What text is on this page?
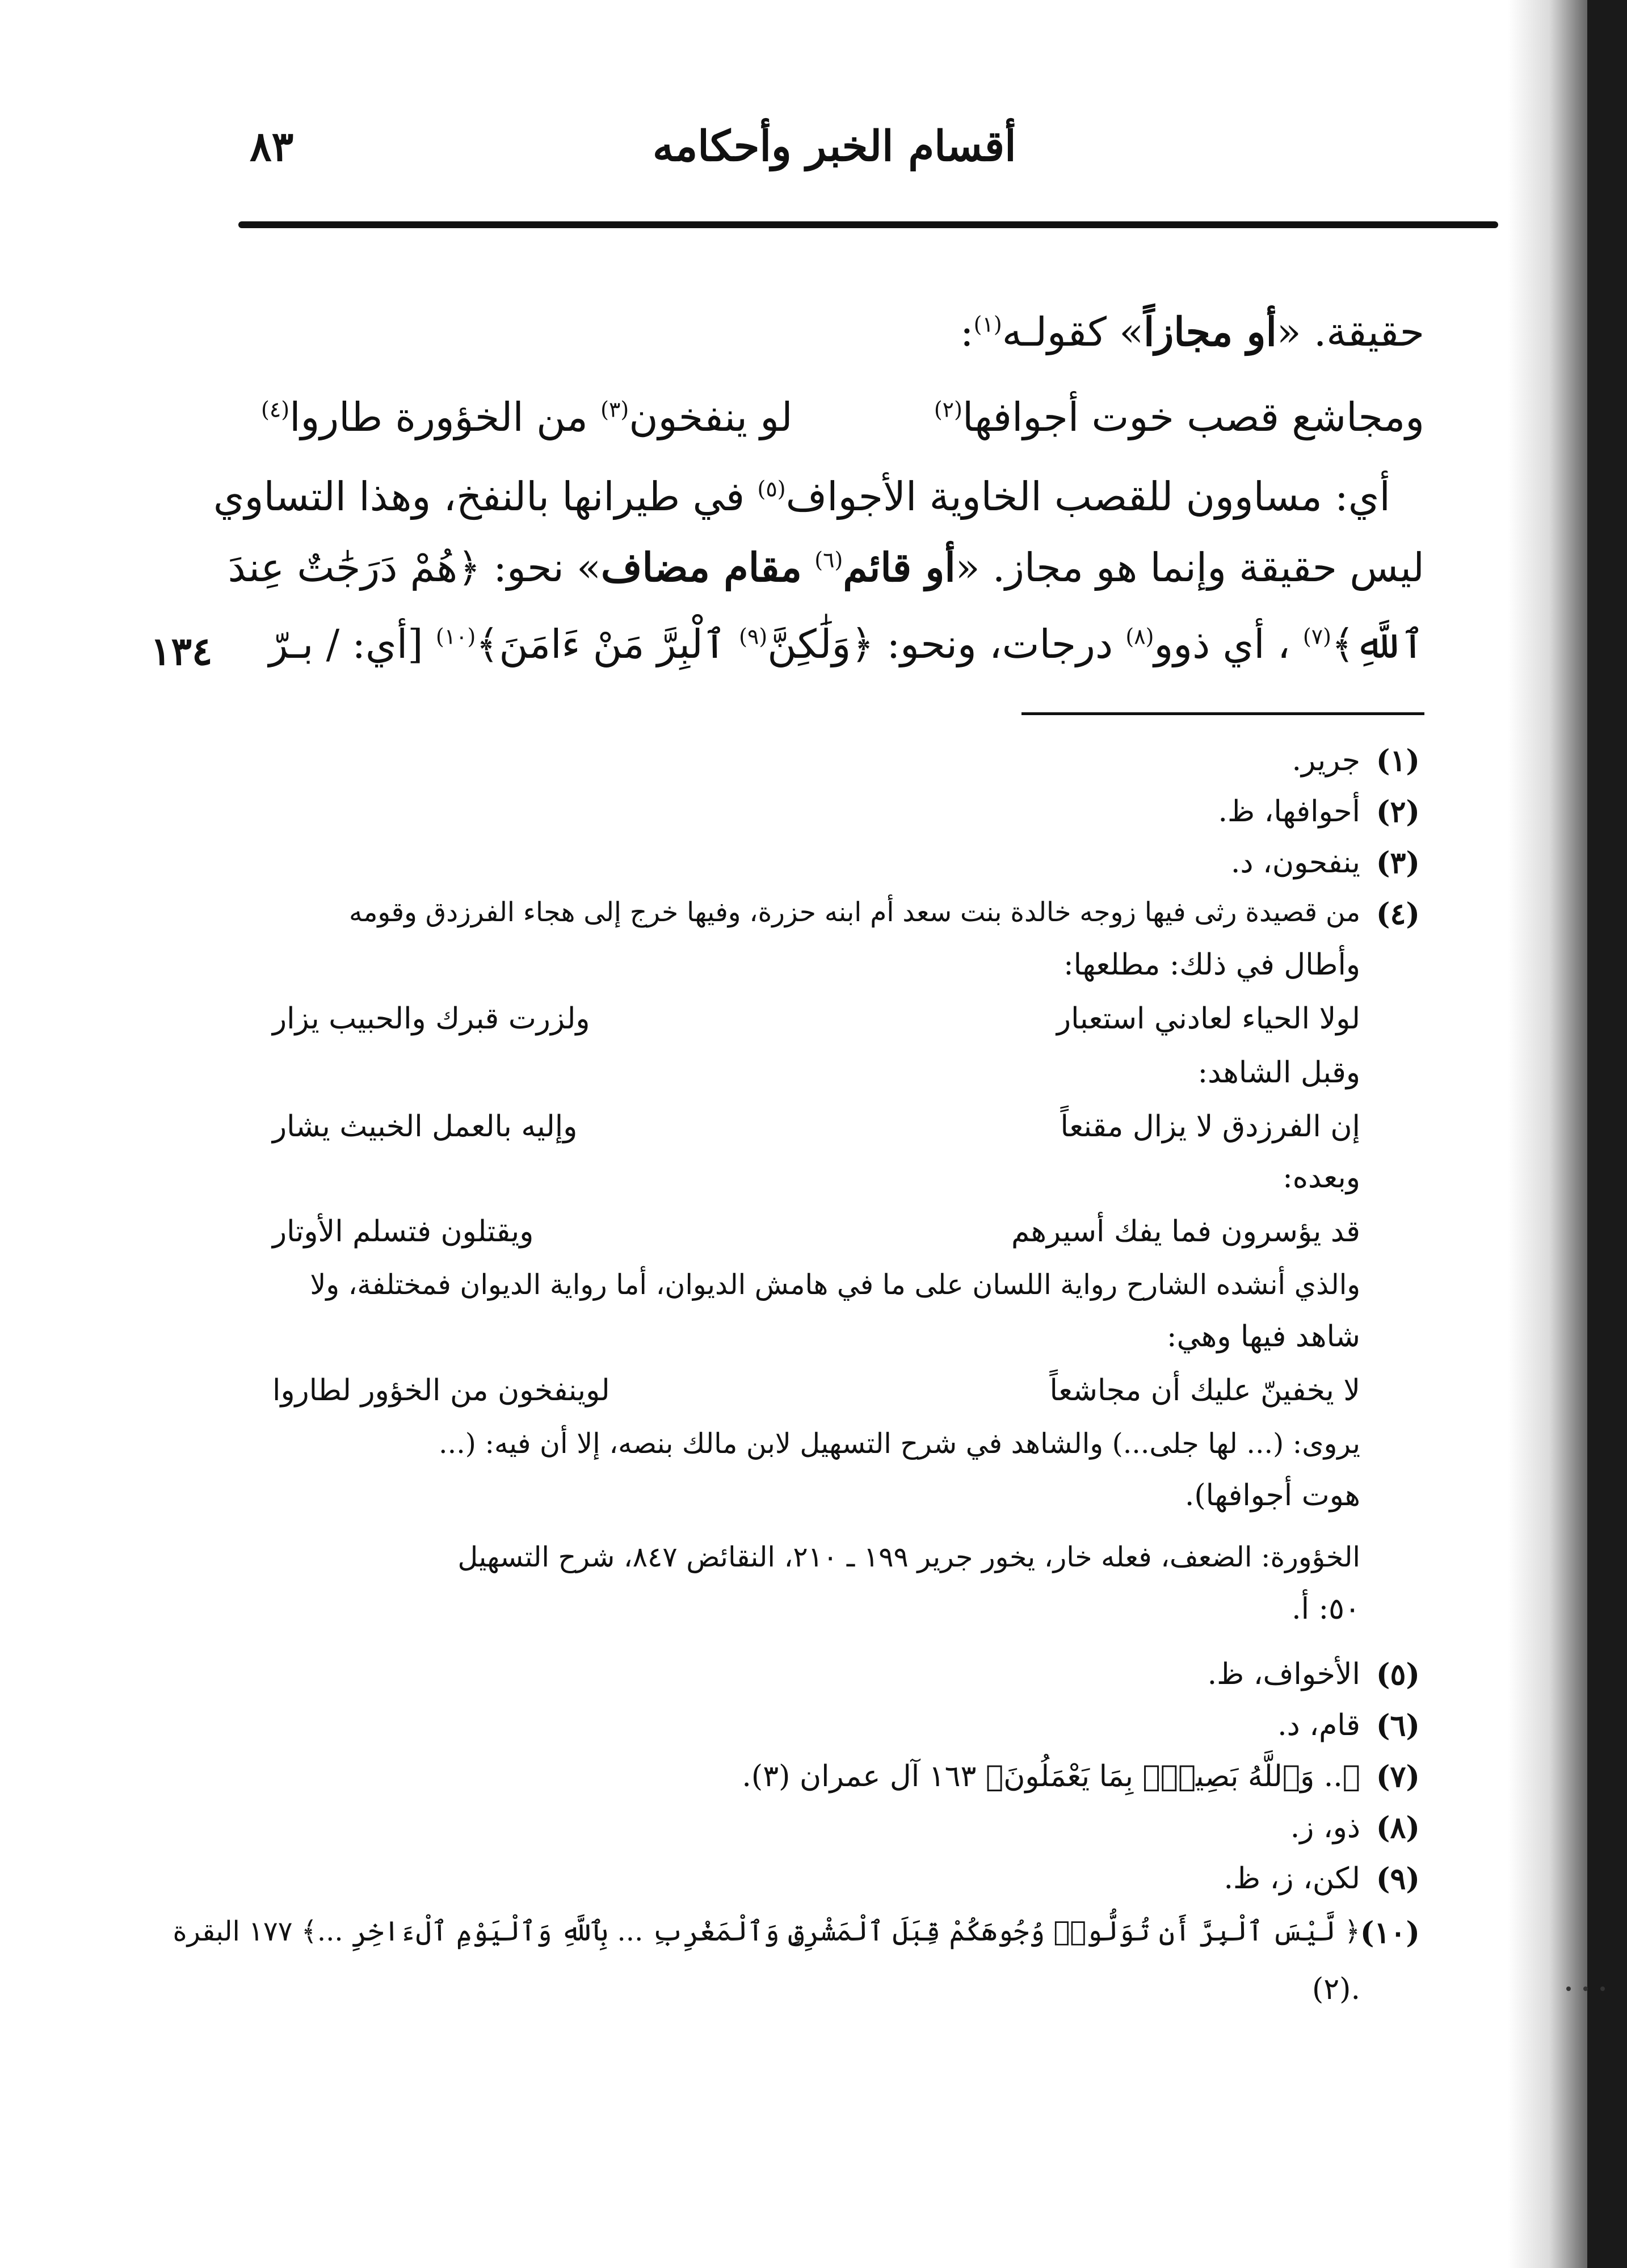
٨٣	أقسام الخبر وأحكامه
١٣٤
حقيقة. «أو مجازاً» كقولـه$^{(١)}$:
ومجاشع قصب خوت أجوافها$^{(٢)}$
لو ينفخون$^{(٣)}$ من الخؤورة طاروا$^{(٤)}$
أي: مساوون للقصب الخاوية الأجواف$^{(٥)}$ في طيرانها بالنفخ، وهذا التساوي
ليس حقيقة وإنما هو مجاز. «أو قائم$^{(٦)}$ مقام مضاف» نحو: ﴿هُمْ دَرَجَٰتٌ عِندَ
ٱللَّهِ﴾$^{(٧)}$ ، أي ذوو$^{(٨)}$ درجات، ونحو: ﴿وَلَٰكِنَّ$^{(٩)}$ ٱلْبِرَّ مَنْ ءَامَنَ﴾$^{(١٠)}$ [أي: / بـرّ
(١)
جرير.
(٢)
أحوافها، ظ.
(٣)
ينفحون، د.
(٤)
من قصيدة رثى فيها زوجه خالدة بنت سعد أم ابنه حزرة، وفيها خرج إلى هجاء الفرزدق وقومه
وأطال في ذلك: مطلعها:
لولا الحياء لعادني استعبار
ولزرت قبرك والحبيب يزار
وقبل الشاهد:
إن الفرزدق لا يزال مقنعاً
وإليه بالعمل الخبيث يشار
وبعده:
قد يؤسرون فما يفك أسيرهم
ويقتلون فتسلم الأوتار
والذي أنشده الشارح رواية اللسان على ما في هامش الديوان، أما رواية الديوان فمختلفة، ولا
شاهد فيها وهي:
لا يخفينّ عليك أن مجاشعاً
لوينفخون من الخؤور لطاروا
يروى: (... لها جلى...) والشاهد في شرح التسهيل لابن مالك بنصه، إلا أن فيه: (...
هوت أجوافها).
الخؤورة: الضعف، فعله خار، يخور جرير ١٩٩ ـ ٢١٠، النقائض ٨٤٧، شرح التسهيل
٥٠: أ.
(٥)
الأخواف، ظ.
(٦)
قام، د.
(٧)
﴿.. وَٱللَّهُ بَصِيرٌۢ بِمَا يَعْمَلُونَ﴾ ١٦٣ آل عمران (٣).
(٨)
ذو، ز.
(٩)
لكن، ز، ظ.
(١٠)
﴿ لَّيْسَ ٱلْبِرَّ أَن تُوَلُّوا۟ وُجُوهَكُمْ قِبَلَ ٱلْمَشْرِقِ وَٱلْمَغْرِبِ ... بِٱللَّهِ وَٱلْيَوْمِ ٱلْءَاخِرِ ...﴾ ١٧٧ البقرة
.(٢)
